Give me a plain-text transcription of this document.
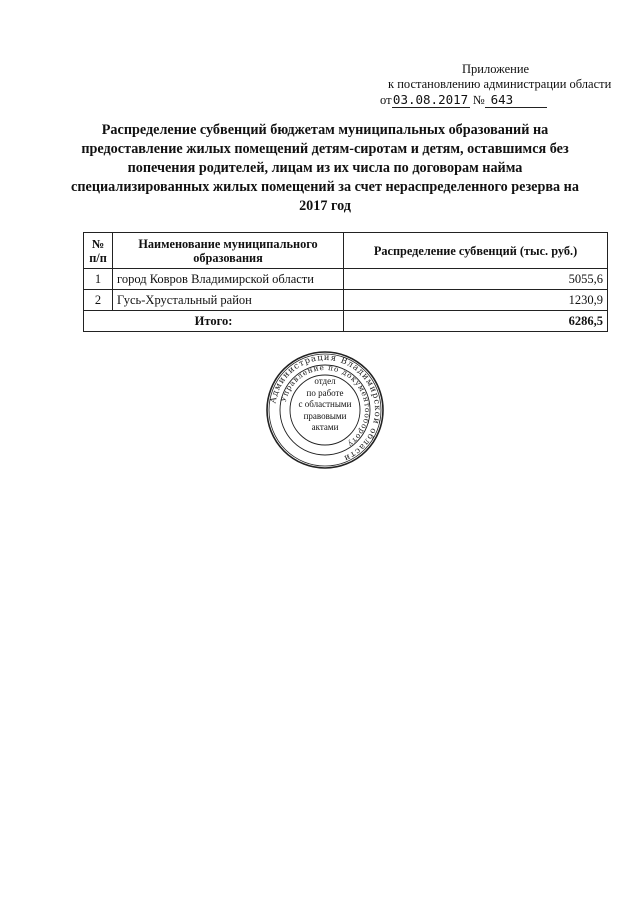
Приложение
к постановлению администрации области
от03.08.2017 № 643
Распределение субвенций бюджетам муниципальных образований на предоставление жилых помещений детям-сиротам и детям, оставшимся без попечения родителей, лицам из их числа по договорам найма специализированных жилых помещений за счет нераспределенного резерва на 2017 год
№ п/п	Наименование муниципального образования	Распределение субвенций (тыс. руб.)
1	город Ковров Владимирской области	5055,6
2	Гусь-Хрустальный район	1230,9
Итого:		6286,5
Администрация Владимирской области
Управление по документообороту
отдел
по работе
с областными
правовыми
актами
